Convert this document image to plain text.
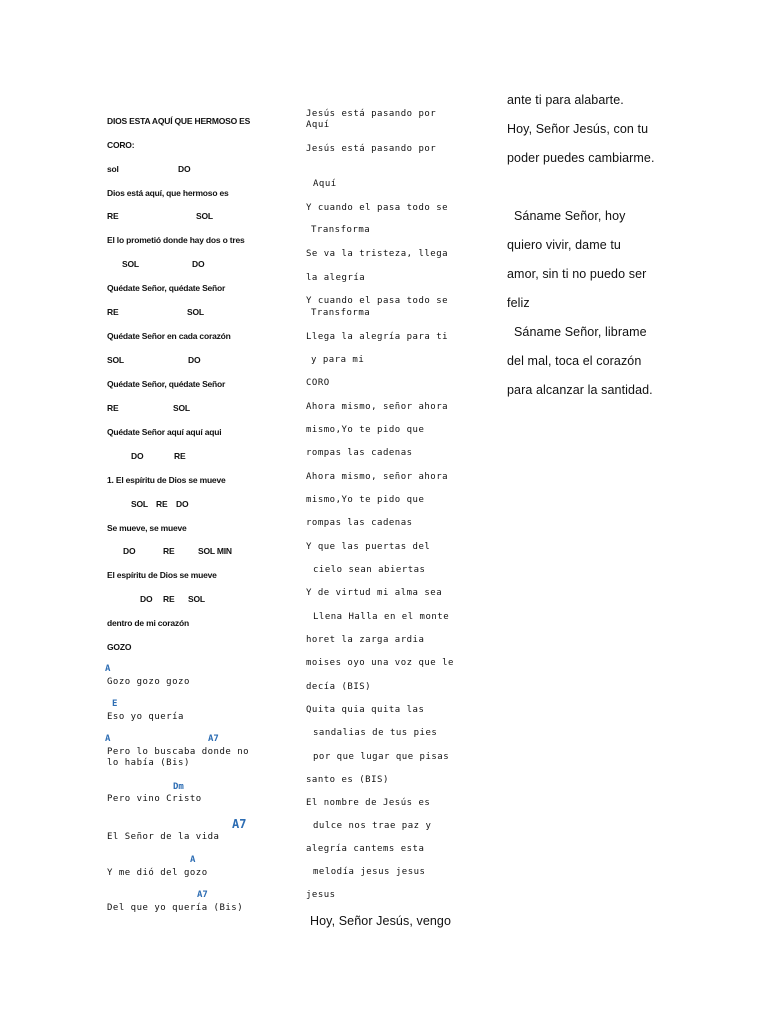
DIOS ESTA AQUÍ QUE HERMOSO ES
CORO:
sol	DO
Dios está aquí, que hermoso es
RE	SOL
El lo prometió donde hay dos o tres
SOL	DO
Quédate Señor, quédate Señor
RE	SOL
Quédate Señor en cada corazón
SOL	DO
Quédate Señor, quédate Señor
RE	SOL
Quédate Señor aquí aquí aqui
DO	RE
1. El espíritu de Dios se mueve
SOL RE DO
Se mueve, se mueve
DO	RE	SOL MIN
El espíritu de Dios se mueve
DO RE SOL
dentro de mi corazón
GOZO
A
Gozo gozo gozo
E
Eso yo quería
A	A7
Pero lo buscaba donde no
lo había (Bis)
Dm
Pero vino Cristo
A7
El Señor de la vida
A
Y me dió del gozo
A7
Del que yo quería (Bis)
Jesús está pasando por
Aquí
Jesús está pasando por
Aquí
Y cuando el pasa todo se
Transforma
Se va la tristeza, llega
la alegría
Y cuando el pasa todo se
Transforma
Llega la alegría para ti
y para mi
CORO
Ahora mismo, señor ahora
mismo,Yo te pido que
rompas las cadenas
Ahora mismo, señor ahora
mismo,Yo te pido que
rompas las cadenas
Y que las puertas del
cielo sean abiertas
Y de virtud mi alma sea
Llena Halla en el monte
horet la zarga ardia
moises oyo una voz que le
decía (BIS)
Quita quia quita las
sandalias de tus pies
por que lugar que pisas
santo es (BIS)
El nombre de Jesús es
dulce nos trae paz y
alegría cantems esta
melodía jesus jesus
jesus
Hoy, Señor Jesús, vengo
ante ti para alabarte.
Hoy, Señor Jesús, con tu
poder puedes cambiarme.
Sáname Señor, hoy
quiero vivir, dame tu
amor, sin ti no puedo ser
feliz
Sáname Señor, librame
del mal, toca el corazón
para alcanzar la santidad.
